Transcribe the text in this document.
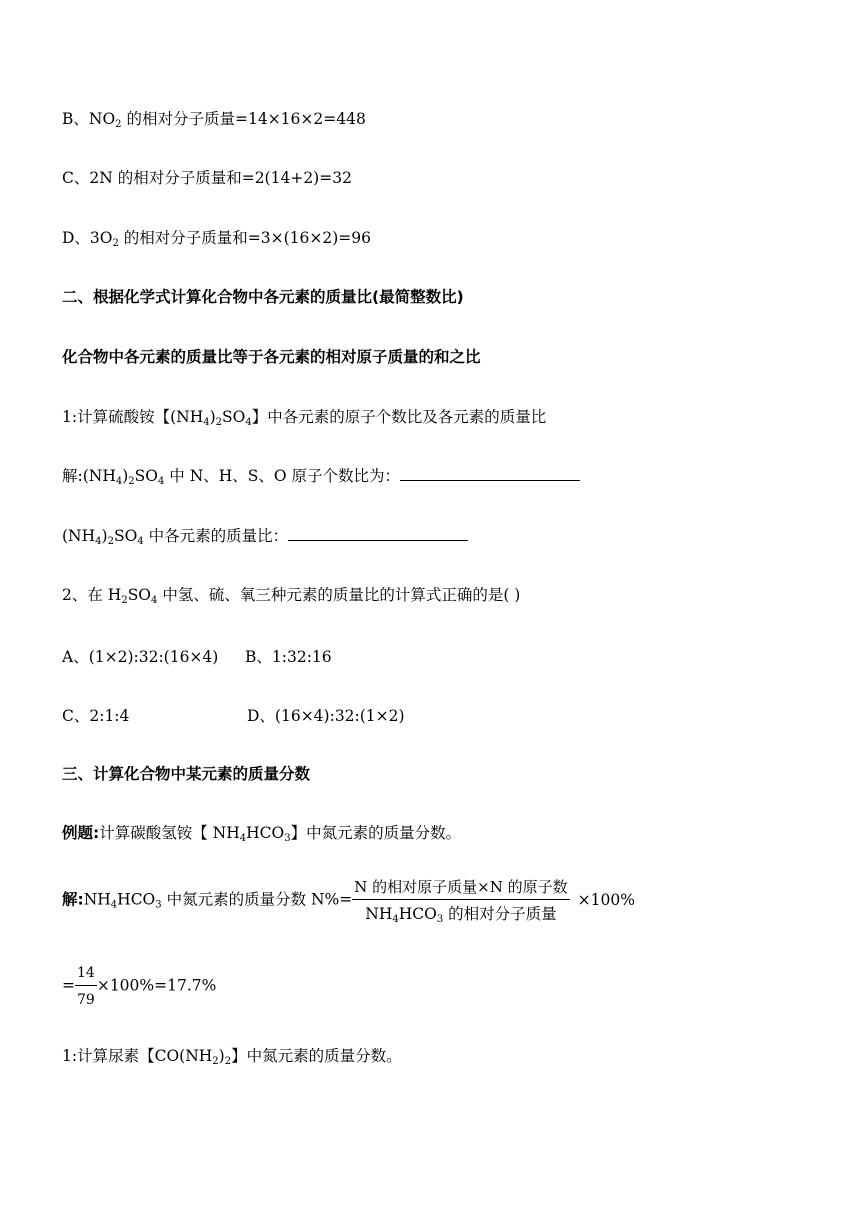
B、$NO_2$ 的相对分子质量=14×16×2=448
C、2N 的相对分子质量和=2(14+2)=32
D、$3O_2$ 的相对分子质量和=3×(16×2)=96
二、根据化学式计算化合物中各元素的质量比(最简整数比)
化合物中各元素的质量比等于各元素的相对原子质量的和之比
1:计算硫酸铵【$(NH_4)_2SO_4$】中各元素的原子个数比及各元素的质量比
解$:(NH_4)_2SO_4$ 中 N、H、S、O 原子个数比为：
$(NH_4)_2SO_4$ 中各元素的质量比：
2、在 $H_2SO_4$ 中氢、硫、氧三种元素的质量比的计算式正确的是( )
A、(1×2):32:(16×4) B、1:32:16
C、2:1:4	D、(16×4):32:(1×2)
三、计算化合物中某元素的质量分数
例题:计算碳酸氢铵【 $NH_4HCO_3$】中氮元素的质量分数。
解$:NH_4HCO_3$ 中氮元素的质量分数 $N\%= \frac{\text{N 的相对原子质量×N 的原子数}}{NH_4HCO_3 的相对分子质量} \times 100\%$
= $\frac{14}{79} \times 100\%=17.7\%$
1:计算尿素【$CO(NH_2)_2$】中氮元素的质量分数。
